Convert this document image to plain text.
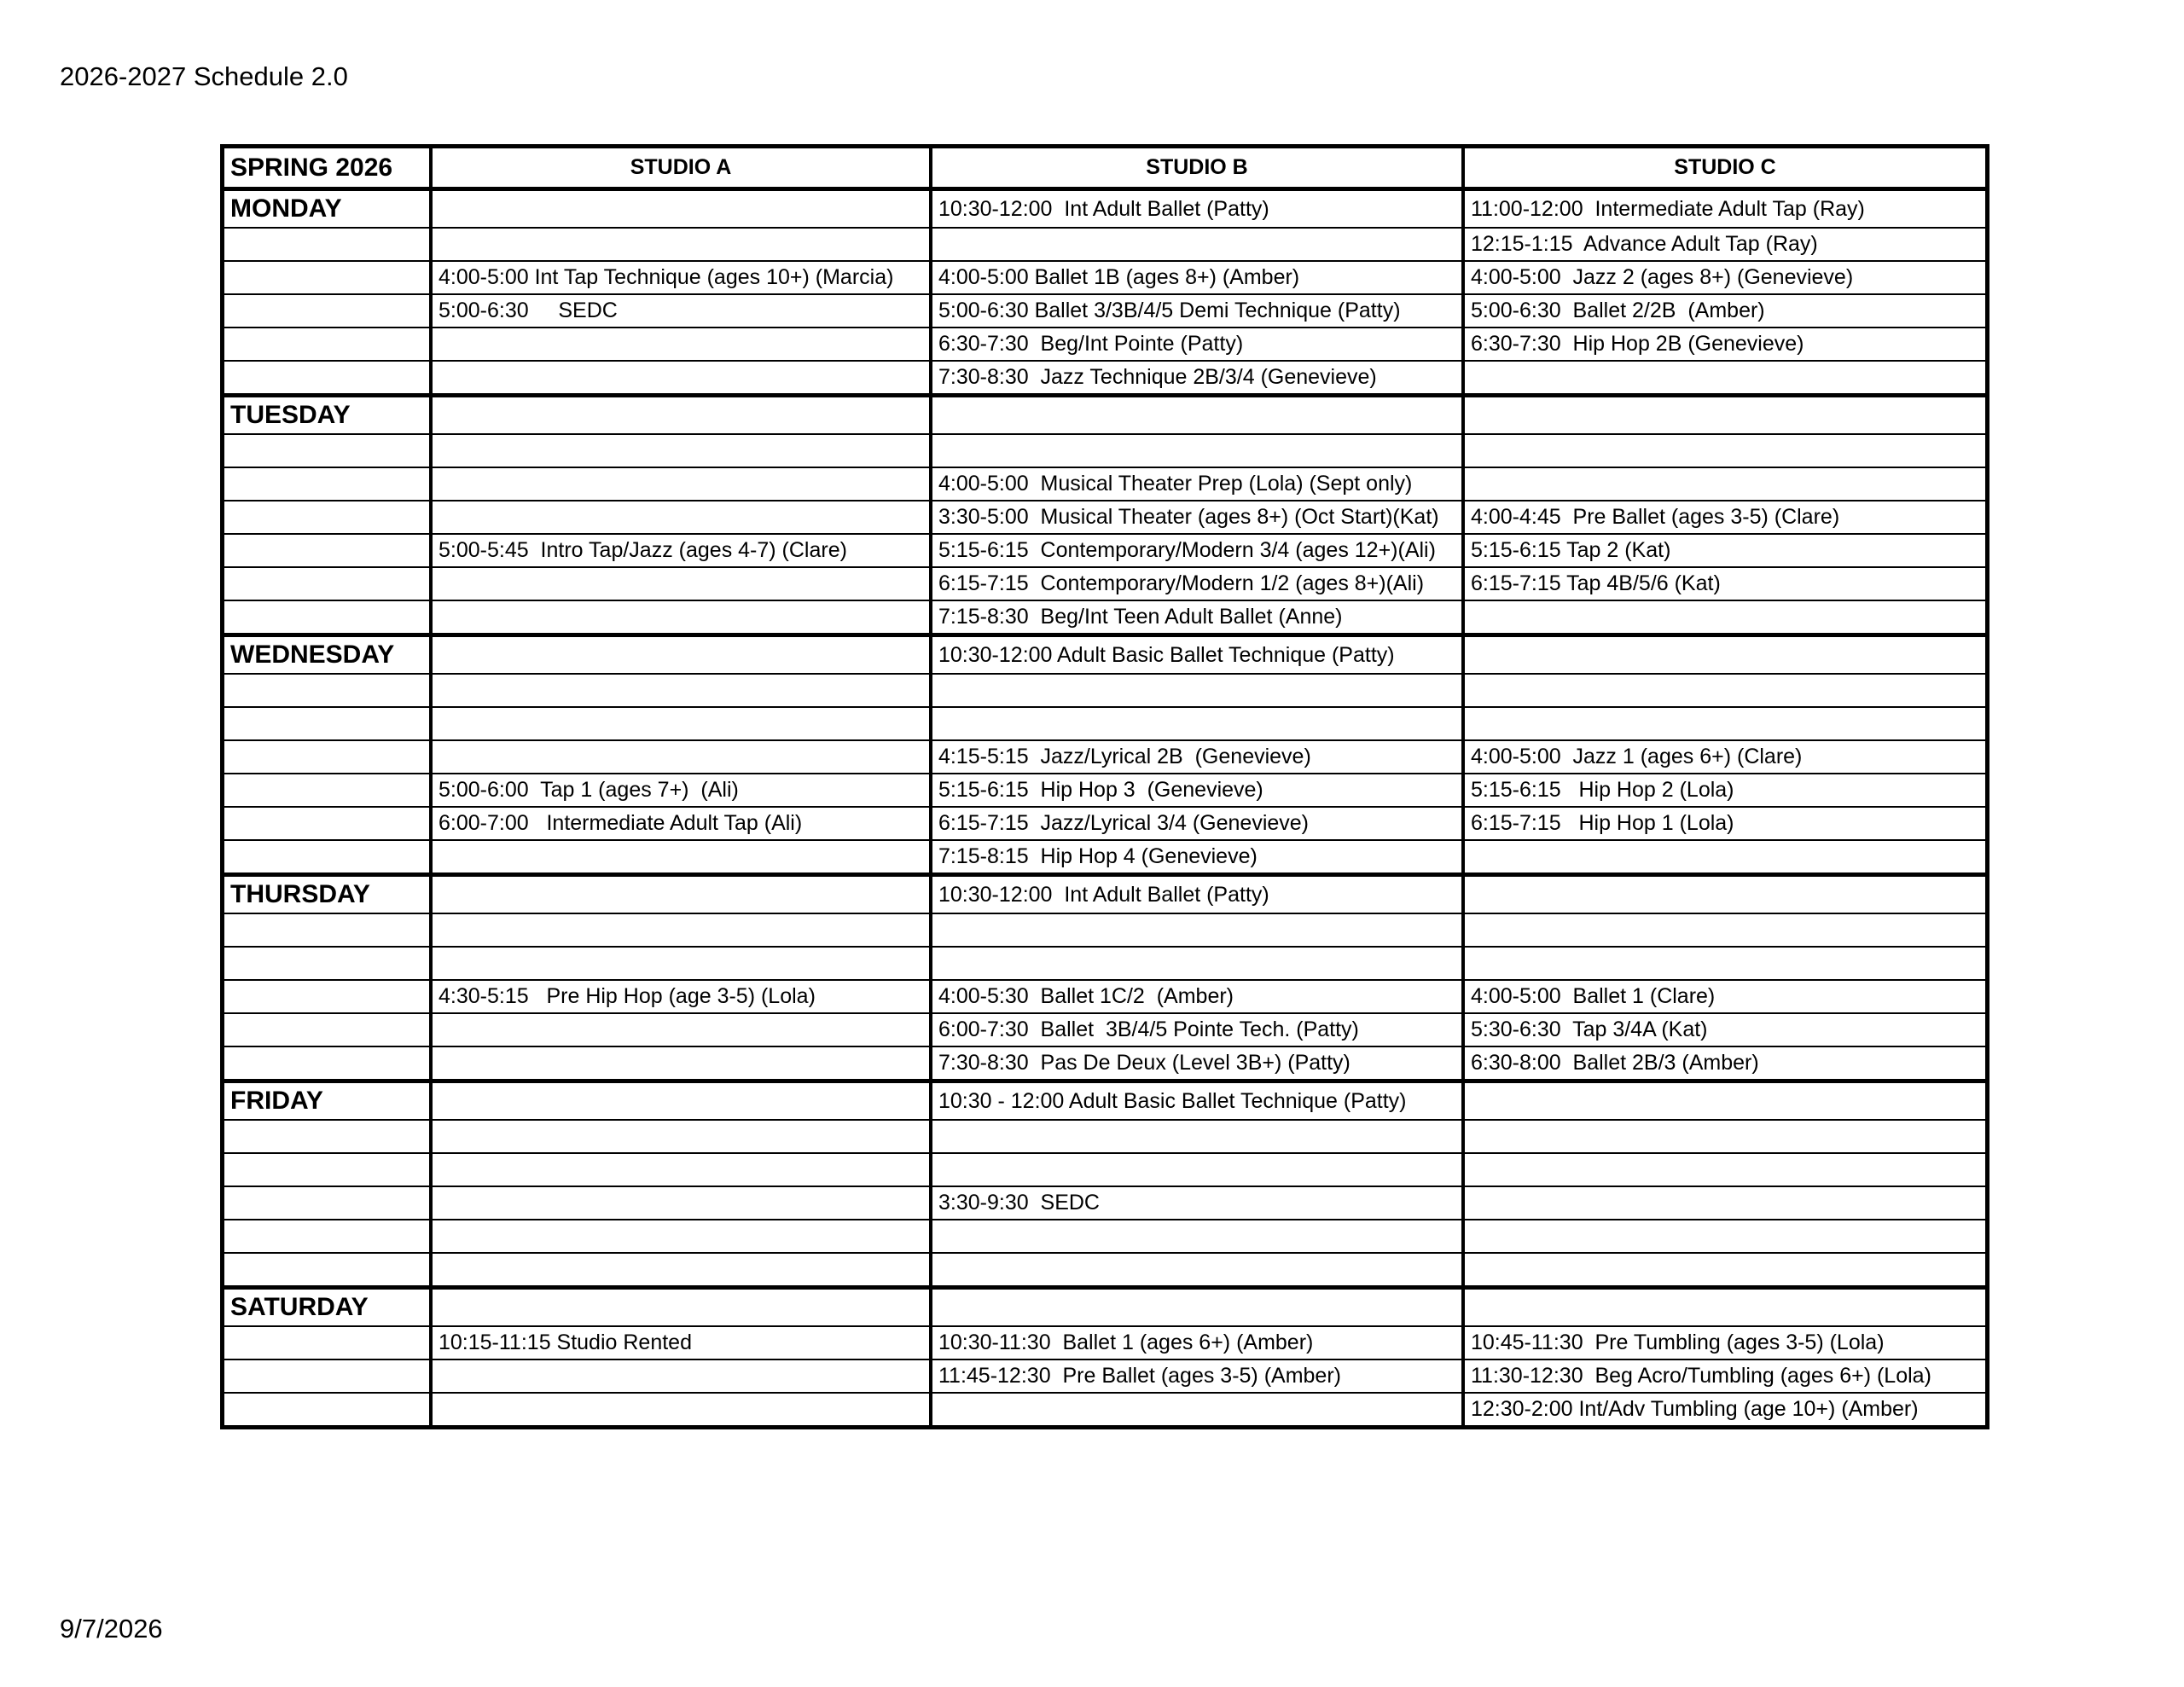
2026-2027 Schedule 2.0
SPRING 2026	STUDIO A	STUDIO B	STUDIO C
MONDAY		10:30-12:00  Int Adult Ballet (Patty)	11:00-12:00  Intermediate Adult Tap (Ray)
			12:15-1:15  Advance Adult Tap (Ray)
	4:00-5:00 Int Tap Technique (ages 10+) (Marcia)	4:00-5:00 Ballet 1B (ages 8+) (Amber)	4:00-5:00  Jazz 2 (ages 8+) (Genevieve)
	5:00-6:30     SEDC	5:00-6:30 Ballet 3/3B/4/5 Demi Technique (Patty)	5:00-6:30  Ballet 2/2B  (Amber)
		6:30-7:30  Beg/Int Pointe (Patty)	6:30-7:30  Hip Hop 2B (Genevieve)
		7:30-8:30  Jazz Technique 2B/3/4 (Genevieve)	
TUESDAY			

		4:00-5:00  Musical Theater Prep (Lola) (Sept only)	
		3:30-5:00  Musical Theater (ages 8+) (Oct Start)(Kat)	4:00-4:45  Pre Ballet (ages 3-5) (Clare)
	5:00-5:45  Intro Tap/Jazz (ages 4-7) (Clare)	5:15-6:15  Contemporary/Modern 3/4 (ages 12+)(Ali)	5:15-6:15 Tap 2 (Kat)
		6:15-7:15  Contemporary/Modern 1/2 (ages 8+)(Ali)	6:15-7:15 Tap 4B/5/6 (Kat)
		7:15-8:30  Beg/Int Teen Adult Ballet (Anne)	
WEDNESDAY		10:30-12:00 Adult Basic Ballet Technique (Patty)	

		4:15-5:15  Jazz/Lyrical 2B  (Genevieve)	4:00-5:00  Jazz 1 (ages 6+) (Clare)
	5:00-6:00  Tap 1 (ages 7+)  (Ali)	5:15-6:15  Hip Hop 3  (Genevieve)	5:15-6:15   Hip Hop 2 (Lola)
	6:00-7:00   Intermediate Adult Tap (Ali)	6:15-7:15  Jazz/Lyrical 3/4 (Genevieve)	6:15-7:15   Hip Hop 1 (Lola)
		7:15-8:15  Hip Hop 4 (Genevieve)	
THURSDAY		10:30-12:00  Int Adult Ballet (Patty)	

	4:30-5:15   Pre Hip Hop (age 3-5) (Lola)	4:00-5:30  Ballet 1C/2  (Amber)	4:00-5:00  Ballet 1 (Clare)
		6:00-7:30  Ballet  3B/4/5 Pointe Tech. (Patty)	5:30-6:30  Tap 3/4A (Kat)
		7:30-8:30  Pas De Deux (Level 3B+) (Patty)	6:30-8:00  Ballet 2B/3 (Amber)
FRIDAY		10:30 - 12:00 Adult Basic Ballet Technique (Patty)	

		3:30-9:30  SEDC	

SATURDAY			
	10:15-11:15 Studio Rented	10:30-11:30  Ballet 1 (ages 6+) (Amber)	10:45-11:30  Pre Tumbling (ages 3-5) (Lola)
		11:45-12:30  Pre Ballet (ages 3-5) (Amber)	11:30-12:30  Beg Acro/Tumbling (ages 6+) (Lola)
			12:30-2:00 Int/Adv Tumbling (age 10+) (Amber)
9/7/2026
